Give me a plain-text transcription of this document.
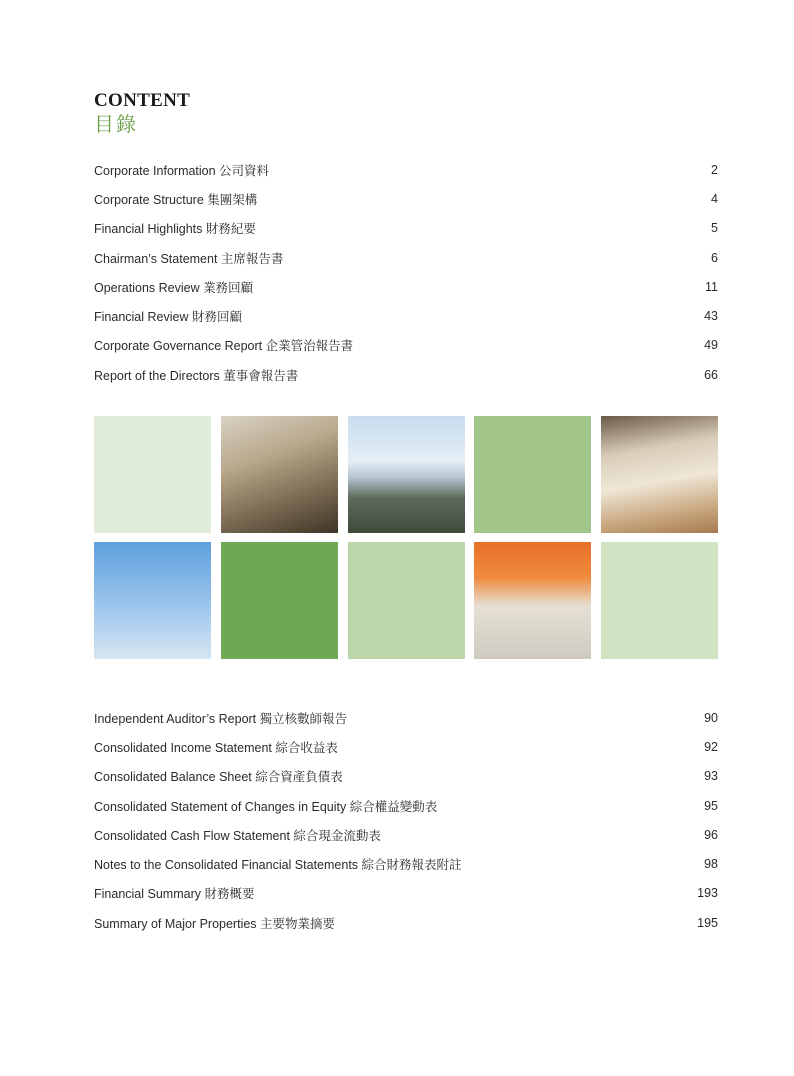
CONTENT
目錄
Corporate Information 公司資料	2
Corporate Structure 集團架構	4
Financial Highlights 財務紀要	5
Chairman’s Statement 主席報告書	6
Operations Review 業務回顧	11
Financial Review 財務回顧	43
Corporate Governance Report 企業管治報告書	49
Report of the Directors 董事會報告書	66
Independent Auditor’s Report 獨立核數師報告	90
Consolidated Income Statement 綜合收益表	92
Consolidated Balance Sheet 綜合資產負債表	93
Consolidated Statement of Changes in Equity 綜合權益變動表	95
Consolidated Cash Flow Statement 綜合現金流動表	96
Notes to the Consolidated Financial Statements 綜合財務報表附註	98
Financial Summary 財務概要	193
Summary of Major Properties 主要物業摘要	195
